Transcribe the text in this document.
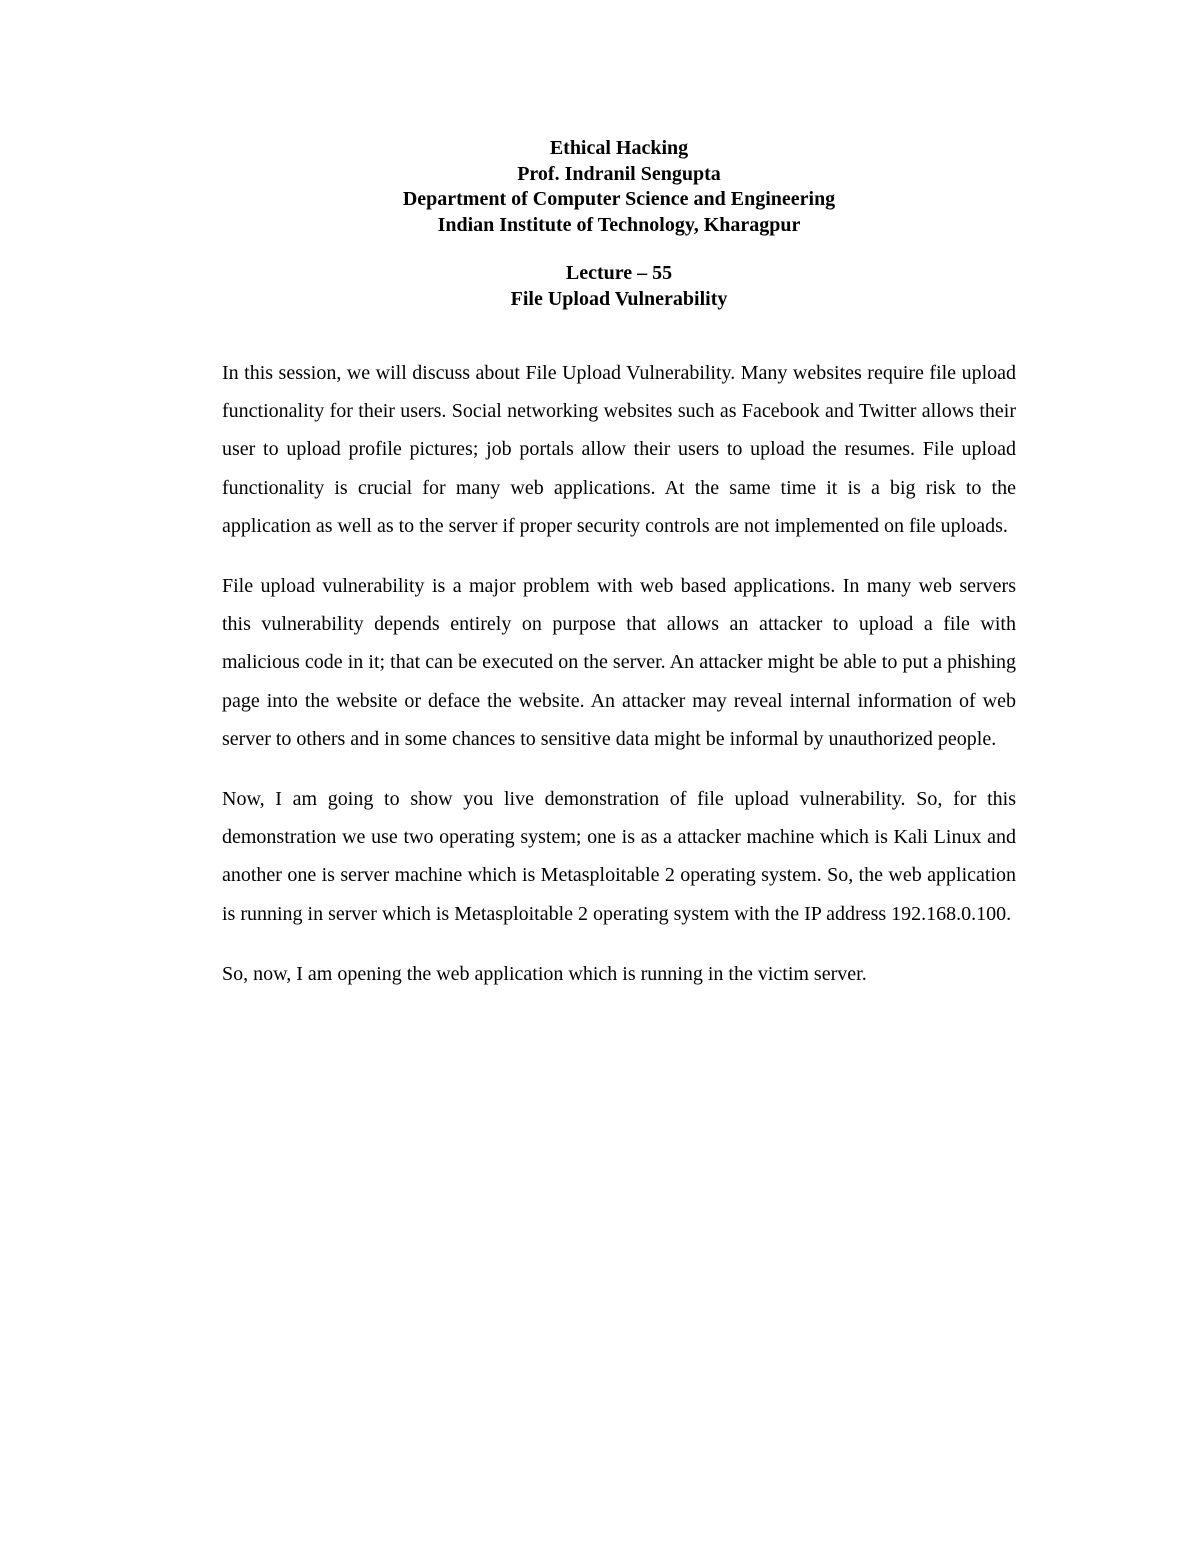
Ethical Hacking
Prof. Indranil Sengupta
Department of Computer Science and Engineering
Indian Institute of Technology, Kharagpur
Lecture – 55
File Upload Vulnerability

In this session, we will discuss about File Upload Vulnerability. Many websites require file upload functionality for their users. Social networking websites such as Facebook and Twitter allows their user to upload profile pictures; job portals allow their users to upload the resumes. File upload functionality is crucial for many web applications. At the same time it is a big risk to the application as well as to the server if proper security controls are not implemented on file uploads.

File upload vulnerability is a major problem with web based applications. In many web servers this vulnerability depends entirely on purpose that allows an attacker to upload a file with malicious code in it; that can be executed on the server. An attacker might be able to put a phishing page into the website or deface the website. An attacker may reveal internal information of web server to others and in some chances to sensitive data might be informal by unauthorized people.

Now, I am going to show you live demonstration of file upload vulnerability. So, for this demonstration we use two operating system; one is as a attacker machine which is Kali Linux and another one is server machine which is Metasploitable 2 operating system. So, the web application is running in server which is Metasploitable 2 operating system with the IP address 192.168.0.100.

So, now, I am opening the web application which is running in the victim server.
